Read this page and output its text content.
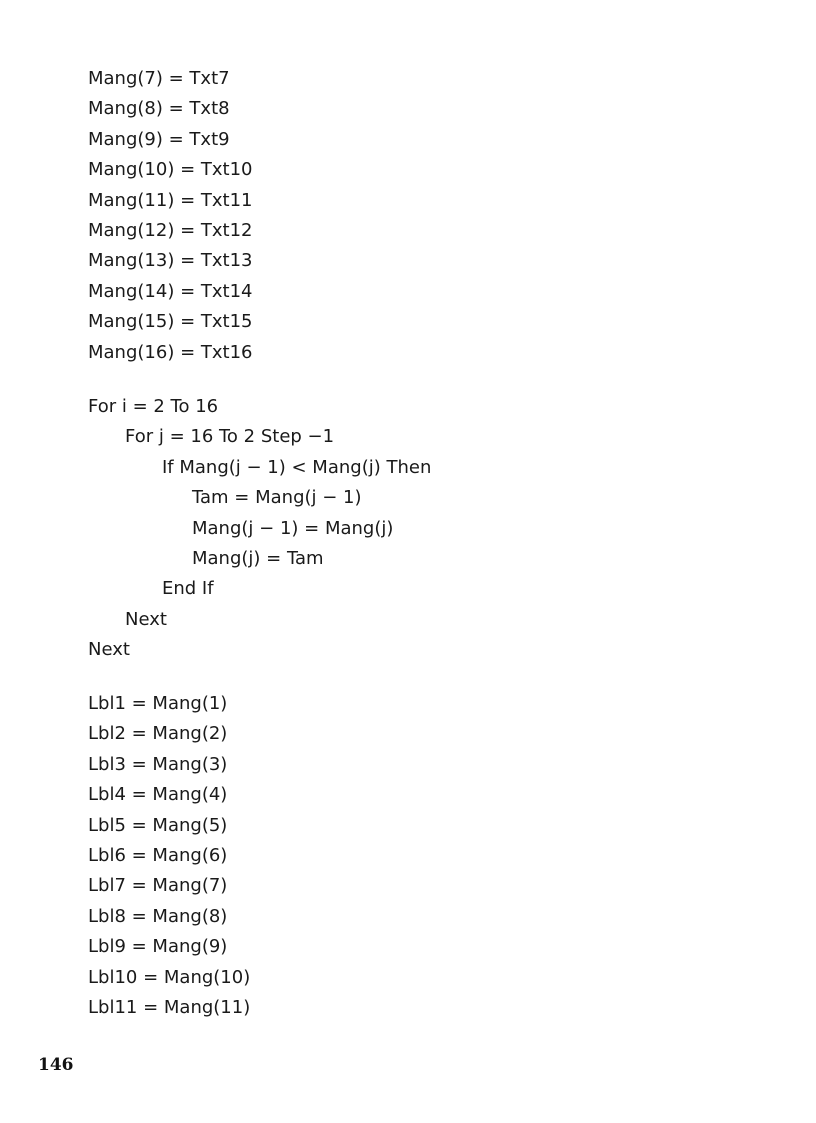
Mang(7) = Txt7
Mang(8) = Txt8
Mang(9) = Txt9
Mang(10) = Txt10
Mang(11) = Txt11
Mang(12) = Txt12
Mang(13) = Txt13
Mang(14) = Txt14
Mang(15) = Txt15
Mang(16) = Txt16
For i = 2 To 16
For j = 16 To 2 Step −1
If Mang(j − 1) < Mang(j) Then
Tam = Mang(j − 1)
Mang(j − 1) = Mang(j)
Mang(j) = Tam
End If
Next
Next
Lbl1 = Mang(1)
Lbl2 = Mang(2)
Lbl3 = Mang(3)
Lbl4 = Mang(4)
Lbl5 = Mang(5)
Lbl6 = Mang(6)
Lbl7 = Mang(7)
Lbl8 = Mang(8)
Lbl9 = Mang(9)
Lbl10 = Mang(10)
Lbl11 = Mang(11)
146
